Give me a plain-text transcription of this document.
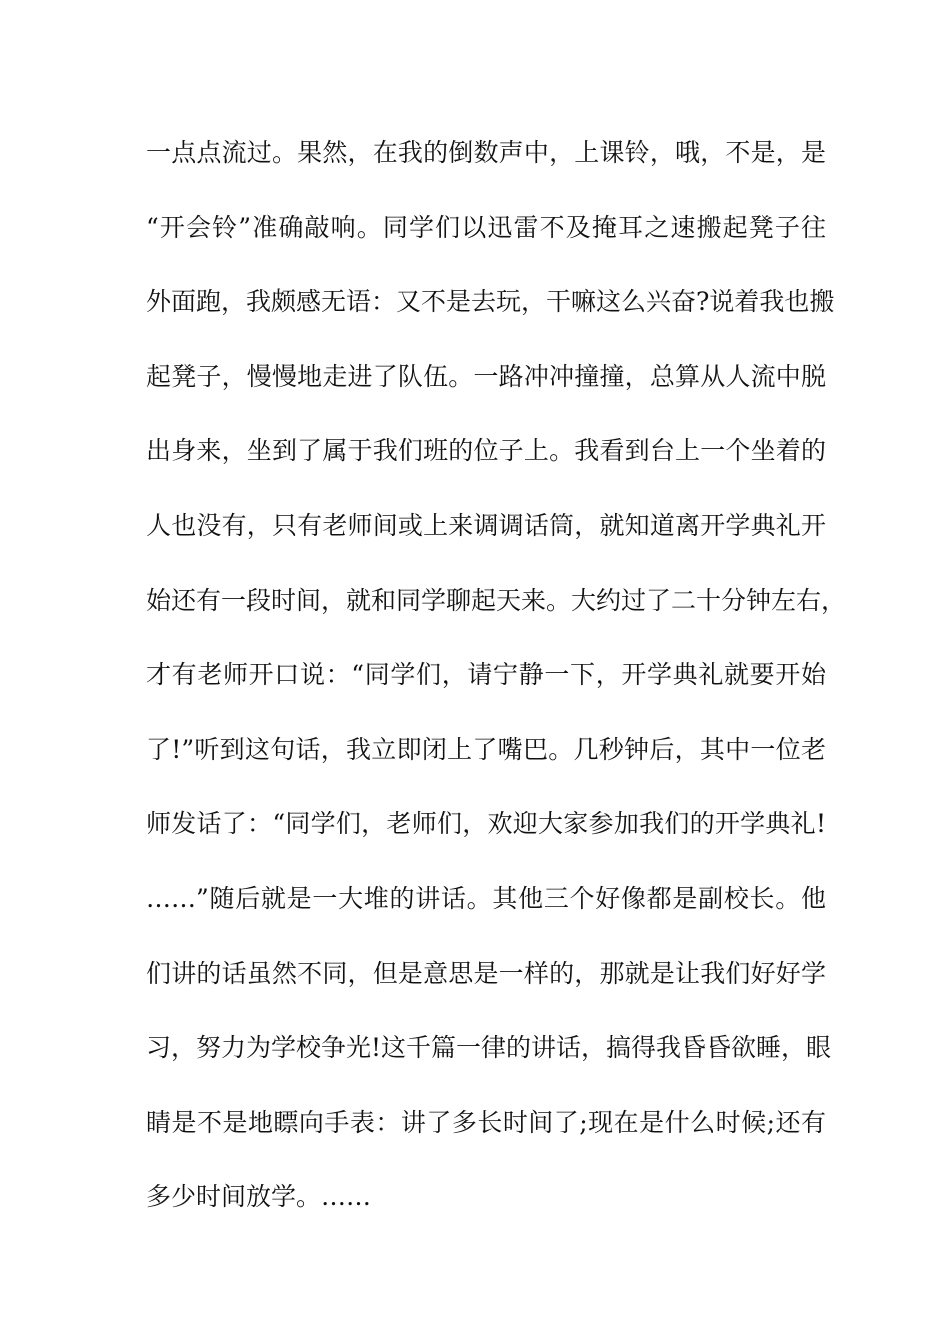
一点点流过。果然，在我的倒数声中，上课铃，哦，不是，是
“开会铃”准确敲响。同学们以迅雷不及掩耳之速搬起凳子往
外面跑，我颇感无语：又不是去玩，干嘛这么兴奋?说着我也搬
起凳子，慢慢地走进了队伍。一路冲冲撞撞，总算从人流中脱
出身来，坐到了属于我们班的位子上。我看到台上一个坐着的
人也没有，只有老师间或上来调调话筒，就知道离开学典礼开
始还有一段时间，就和同学聊起天来。大约过了二十分钟左右，
才有老师开口说：“同学们，请宁静一下，开学典礼就要开始
了!”听到这句话，我立即闭上了嘴巴。几秒钟后，其中一位老
师发话了：“同学们，老师们，欢迎大家参加我们的开学典礼!
……”随后就是一大堆的讲话。其他三个好像都是副校长。他
们讲的话虽然不同，但是意思是一样的，那就是让我们好好学
习，努力为学校争光!这千篇一律的讲话，搞得我昏昏欲睡，眼
睛是不是地瞟向手表：讲了多长时间了;现在是什么时候;还有
多少时间放学。……
